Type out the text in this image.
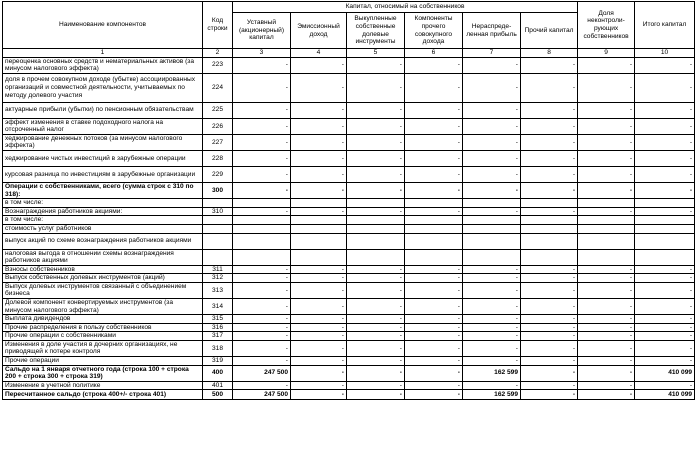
Наименование компонентов	Код строки	Капитал, относимый на собственников						Доля неконтроли-рующих собственников	Итого капитал
		Уставный (акционерный) капитал	Эмиссионный доход	Выкупленные собственные долевые инструменты	Компоненты прочего совокупного дохода	Нераспреде-ленная прибыль	Прочий капитал		
1	2	3	4	5	6	7	8	9	10
переоценка основных средств и нематериальных активов (за минусом налогового эффекта)	223	-	-	-	-	-	-	-	-
доля в прочем совокупном доходе (убытке) ассоциированных организаций и совместной деятельности, учитываемых по методу долевого участия	224	-	-	-	-	-	-	-	-
актуарные прибыли (убытки) по пенсионным обязательствам	225	-	-	-	-	-	-	-	-
эффект изменения в ставке подоходного налога на отсроченный налог	226	-	-	-	-	-	-	-	-
хеджирование денежных потоков (за минусом налогового эффекта)	227	-	-	-	-	-	-	-	-
хеджирование чистых инвестиций в зарубежные операции	228	-	-	-	-	-	-	-	-
курсовая разница по инвестициям в зарубежные организации	229	-	-	-	-	-	-	-	-
Операции с собственниками, всего (сумма строк с 310 по 318):	300	-	-	-	-	-	-	-	-
в том числе:									
Вознаграждения работников акциями:	310	-	-	-	-	-	-	-	-
в том числе:									
стоимость услуг работников									
выпуск акций по схеме вознаграждения работников акциями									
налоговая выгода в отношении схемы вознаграждения работников акциями									
Взносы собственников	311	-	-	-	-	-	-	-	-
Выпуск собственных долевых инструментов (акций)	312	-	-	-	-	-	-	-	-
Выпуск долевых инструментов связанный с объединением бизнеса	313	-	-	-	-	-	-	-	-
Долевой компонент конвертируемых инструментов (за минусом налогового эффекта)	314	-	-	-	-	-	-	-	-
Выплата дивидендов	315	-	-	-	-	-	-	-	-
Прочие распределения в пользу собственников	316	-	-	-	-	-	-	-	-
Прочие операции с собственниками	317	-	-	-	-	-	-	-	-
Изменения в доле участия в дочерних организациях, не приводящей к потере контроля	318	-	-	-	-	-	-	-	-
Прочие операции	319	-	-	-	-	-	-	-	-
Сальдо на 1 января отчетного года (строка 100 + строка 200 + строка 300 + строка 319)	400	247 500	-	-	-	162 599	-	-	410 099
Изменение в учетной политике	401	-	-	-	-	-	-	-	-
Пересчитанное сальдо (строка 400+/- строка 401)	500	247 500	-	-	-	162 599	-	-	410 099
